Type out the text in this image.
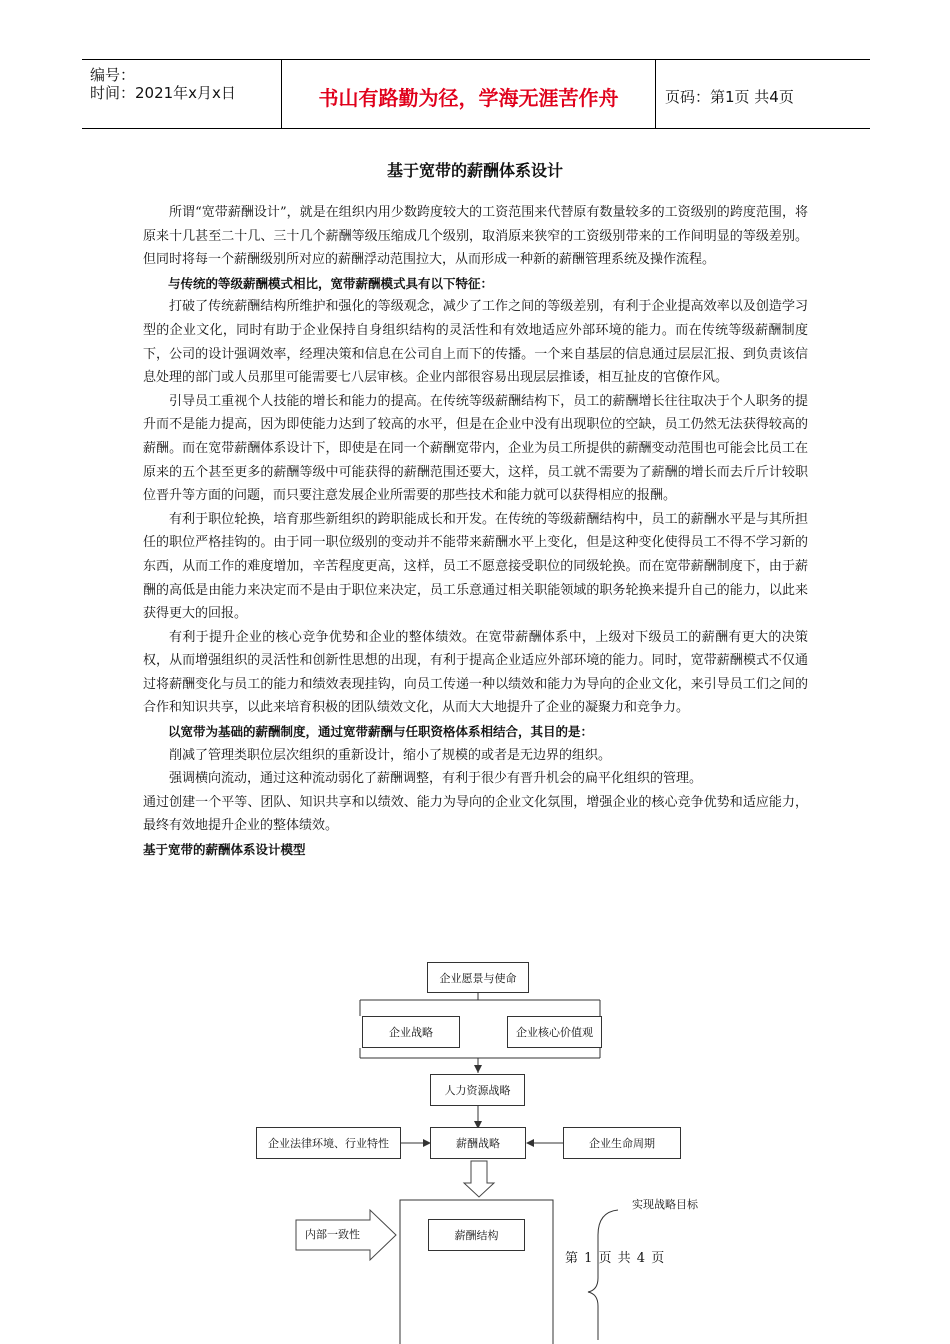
编号：
时间：2021年x月x日	书山有路勤为径，学海无涯苦作舟	页码：第1页 共4页
基于宽带的薪酬体系设计

所谓“宽带薪酬设计”，就是在组织内用少数跨度较大的工资范围来代替原有数量较多的工资级别的跨度范围，将原来十几甚至二十几、三十几个薪酬等级压缩成几个级别，取消原来狭窄的工资级别带来的工作间明显的等级差别。但同时将每一个薪酬级别所对应的薪酬浮动范围拉大，从而形成一种新的薪酬管理系统及操作流程。

与传统的等级薪酬模式相比，宽带薪酬模式具有以下特征：

打破了传统薪酬结构所维护和强化的等级观念，减少了工作之间的等级差别，有利于企业提高效率以及创造学习型的企业文化，同时有助于企业保持自身组织结构的灵活性和有效地适应外部环境的能力。而在传统等级薪酬制度下，公司的设计强调效率，经理决策和信息在公司自上而下的传播。一个来自基层的信息通过层层汇报、到负责该信息处理的部门或人员那里可能需要七八层审核。企业内部很容易出现层层推诿，相互扯皮的官僚作风。

引导员工重视个人技能的增长和能力的提高。在传统等级薪酬结构下，员工的薪酬增长往往取决于个人职务的提升而不是能力提高，因为即使能力达到了较高的水平，但是在企业中没有出现职位的空缺，员工仍然无法获得较高的薪酬。而在宽带薪酬体系设计下，即使是在同一个薪酬宽带内，企业为员工所提供的薪酬变动范围也可能会比员工在原来的五个甚至更多的薪酬等级中可能获得的薪酬范围还要大，这样，员工就不需要为了薪酬的增长而去斤斤计较职位晋升等方面的问题，而只要注意发展企业所需要的那些技术和能力就可以获得相应的报酬。

有利于职位轮换，培育那些新组织的跨职能成长和开发。在传统的等级薪酬结构中，员工的薪酬水平是与其所担任的职位严格挂钩的。由于同一职位级别的变动并不能带来薪酬水平上变化，但是这种变化使得员工不得不学习新的东西，从而工作的难度增加，辛苦程度更高，这样，员工不愿意接受职位的同级轮换。而在宽带薪酬制度下，由于薪酬的高低是由能力来决定而不是由于职位来决定，员工乐意通过相关职能领域的职务轮换来提升自己的能力，以此来获得更大的回报。

有利于提升企业的核心竞争优势和企业的整体绩效。在宽带薪酬体系中，上级对下级员工的薪酬有更大的决策权，从而增强组织的灵活性和创新性思想的出现，有利于提高企业适应外部环境的能力。同时，宽带薪酬模式不仅通过将薪酬变化与员工的能力和绩效表现挂钩，向员工传递一种以绩效和能力为导向的企业文化，来引导员工们之间的合作和知识共享，以此来培育积极的团队绩效文化，从而大大地提升了企业的凝聚力和竞争力。

以宽带为基础的薪酬制度，通过宽带薪酬与任职资格体系相结合，其目的是：

削减了管理类职位层次组织的重新设计，缩小了规模的或者是无边界的组织。

强调横向流动，通过这种流动弱化了薪酬调整，有利于很少有晋升机会的扁平化组织的管理。

通过创建一个平等、团队、知识共享和以绩效、能力为导向的企业文化氛围，增强企业的核心竞争优势和适应能力，最终有效地提升企业的整体绩效。

基于宽带的薪酬体系设计模型

企业愿景与使命
企业战略	企业核心价值观
人力资源战略
企业法律环境、行业特性	薪酬战略	企业生命周期
薪酬结构
内部一致性
实现战略目标
第 1 页 共 4 页
